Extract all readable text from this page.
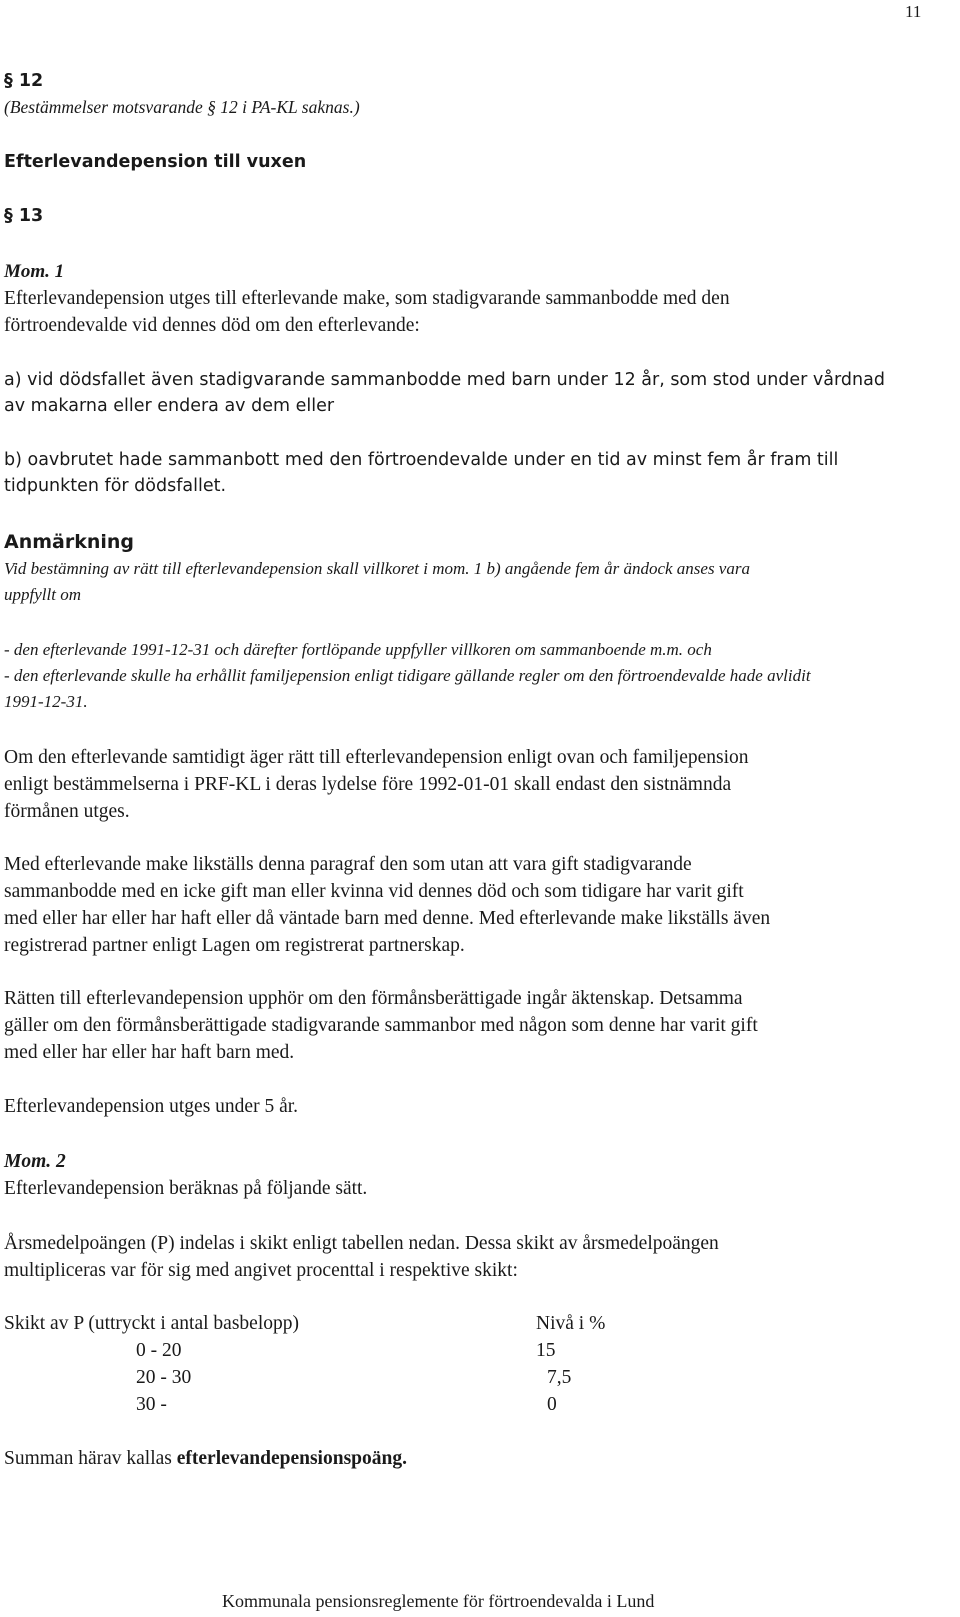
11
§ 12
(Bestämmelser motsvarande § 12 i PA-KL saknas.)
Efterlevandepension till vuxen
§ 13
Mom. 1
Efterlevandepension utges till efterlevande make, som stadigvarande sammanbodde med den
förtroendevalde vid dennes död om den efterlevande:
a) vid dödsfallet även stadigvarande sammanbodde med barn under 12 år, som stod under vårdnad
av makarna eller endera av dem eller
b) oavbrutet hade sammanbott med den förtroendevalde under en tid av minst fem år fram till
tidpunkten för dödsfallet.
Anmärkning
Vid bestämning av rätt till efterlevandepension skall villkoret i mom. 1 b) angående fem år ändock anses vara
uppfyllt om
- den efterlevande 1991-12-31 och därefter fortlöpande uppfyller villkoren om sammanboende m.m. och
- den efterlevande skulle ha erhållit familjepension enligt tidigare gällande regler om den förtroendevalde hade avlidit
1991-12-31.
Om den efterlevande samtidigt äger rätt till efterlevandepension enligt ovan och familjepension
enligt bestämmelserna i PRF-KL i deras lydelse före 1992-01-01 skall endast den sistnämnda
förmånen utges.
Med efterlevande make likställs denna paragraf den som utan att vara gift stadigvarande
sammanbodde med en icke gift man eller kvinna vid dennes död och som tidigare har varit gift
med eller har eller har haft eller då väntade barn med denne. Med efterlevande make likställs även
registrerad partner enligt Lagen om registrerat partnerskap.
Rätten till efterlevandepension upphör om den förmånsberättigade ingår äktenskap. Detsamma
gäller om den förmånsberättigade stadigvarande sammanbor med någon som denne har varit gift
med eller har eller har haft barn med.
Efterlevandepension utges under 5 år.
Mom. 2
Efterlevandepension beräknas på följande sätt.
Årsmedelpoängen (P) indelas i skikt enligt tabellen nedan. Dessa skikt av årsmedelpoängen
multipliceras var för sig med angivet procenttal i respektive skikt:
Skikt av P (uttryckt i antal basbelopp)	Nivå i %
0 - 20	15
20 - 30	7,5
30 -	0
Summan härav kallas efterlevandepensionspoäng.
Kommunala pensionsreglemente för förtroendevalda i Lund
